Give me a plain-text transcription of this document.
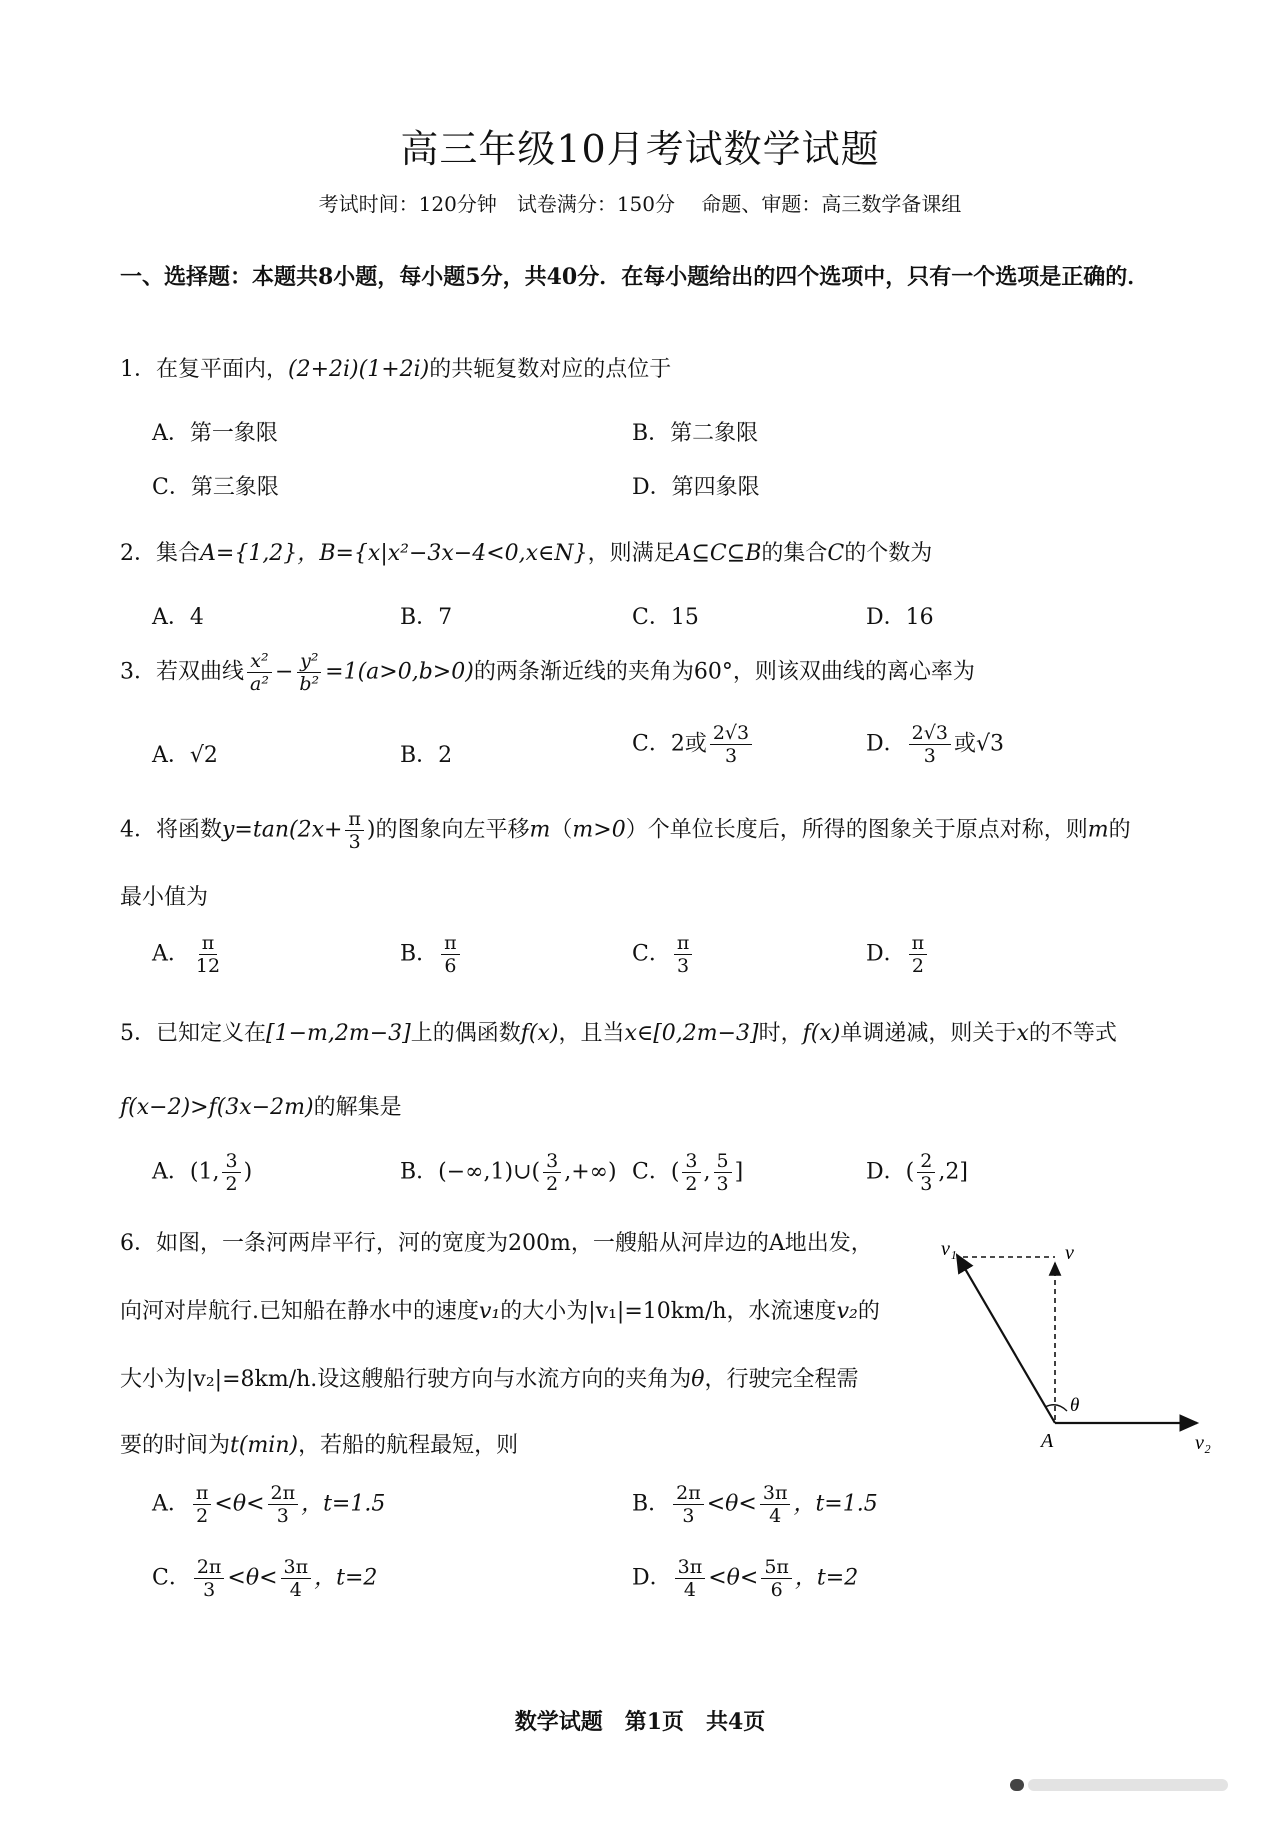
高三年级10月考试数学试题
考试时间：120分钟　试卷满分：150分　 命题、审题：高三数学备课组
一、选择题：本题共8小题，每小题5分，共40分．在每小题给出的四个选项中，只有一个选项是正确的．
1．在复平面内，(2+2i)(1+2i)的共轭复数对应的点位于
A．第一象限	B．第二象限
C．第三象限	D．第四象限
2．集合A={1,2}，B={x|x²−3x−4<0,x∈N}，则满足A⊆C⊆B的集合C的个数为
A．4	B．7	C．15	D．16
3．若双曲线 $\frac{\text{x²}}{\text{a²}} - \frac{\text{y²}}{\text{b²}} =1(a>0,b>0)$的两条渐近线的夹角为60°，则该双曲线的离心率为
A．√2	B．2	C．2或 $\frac{2√3}{3}$	D． $\frac{2√3}{3}$ 或√3
4．将函数$y=\tan(2x+ \frac{\pi}{3}$ )的图象向左平移m（m>0）个单位长度后，所得的图象关于原点对称，则m的
最小值为
A． $\frac{\pi}{12}$	B． $\frac{\pi}{6}$	C． $\frac{\pi}{3}$	D． $\frac{\pi}{2}$
5．已知定义在[1−m,2m−3]上的偶函数f(x)，且当x∈[0,2m−3]时，f(x)单调递减，则关于x的不等式
f(x−2)>f(3x−2m)的解集是
A．(1, $\frac{3}{2}$ )	B．(−∞,1)∪( $\frac{3}{2}$ ,+∞) C．( $\frac{3}{2}$ , $\frac{5}{3}$ ]	D．( $\frac{2}{3} ,2$]
6．如图，一条河两岸平行，河的宽度为200m，一艘船从河岸边的A地出发，
向河对岸航行.已知船在静水中的速度v₁的大小为|v₁|=10km/h，水流速度v₂的
大小为|v₂|=8km/h.设这艘船行驶方向与水流方向的夹角为θ，行驶完全程需
要的时间为t(min)，若船的航程最短，则
A． $\frac{\pi}{2} <\theta< \frac{2\pi}{3}$ ，t=1.5	B． $\frac{2\pi}{3} <\theta< \frac{3\pi}{4}$ ，t=1.5
C． $\frac{2\pi}{3} <\theta< \frac{3\pi}{4}$ ，t=2	D． $\frac{3\pi}{4} <\theta< \frac{5\pi}{6}$ ，t=2
v₁	v
θ
A	v₂
数学试题　第1页　共4页
